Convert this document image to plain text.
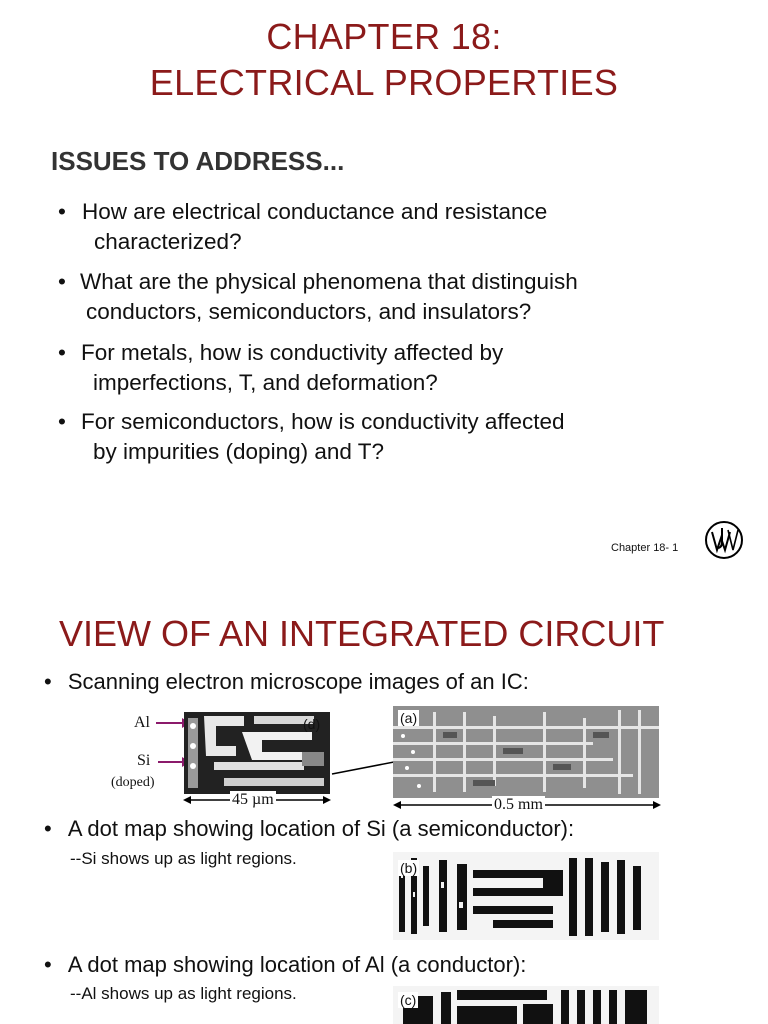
CHAPTER 18:
ELECTRICAL PROPERTIES
ISSUES TO ADDRESS...
• How are electrical conductance and resistance
characterized?
• What are the physical phenomena that distinguish
conductors, semiconductors, and insulators?
• For metals, how is conductivity affected by
imperfections, T, and deformation?
• For semiconductors, how is conductivity affected
by impurities (doping) and T?
Chapter 18- 1
VIEW OF AN INTEGRATED CIRCUIT
• Scanning electron microscope images of an IC:
Al
Si
(doped)
(d)
45 µm
(a)
0.5 mm
• A dot map showing location of Si (a semiconductor):
--Si shows up as light regions.	(b)
• A dot map showing location of Al (a conductor):
--Al shows up as light regions.	(c)
